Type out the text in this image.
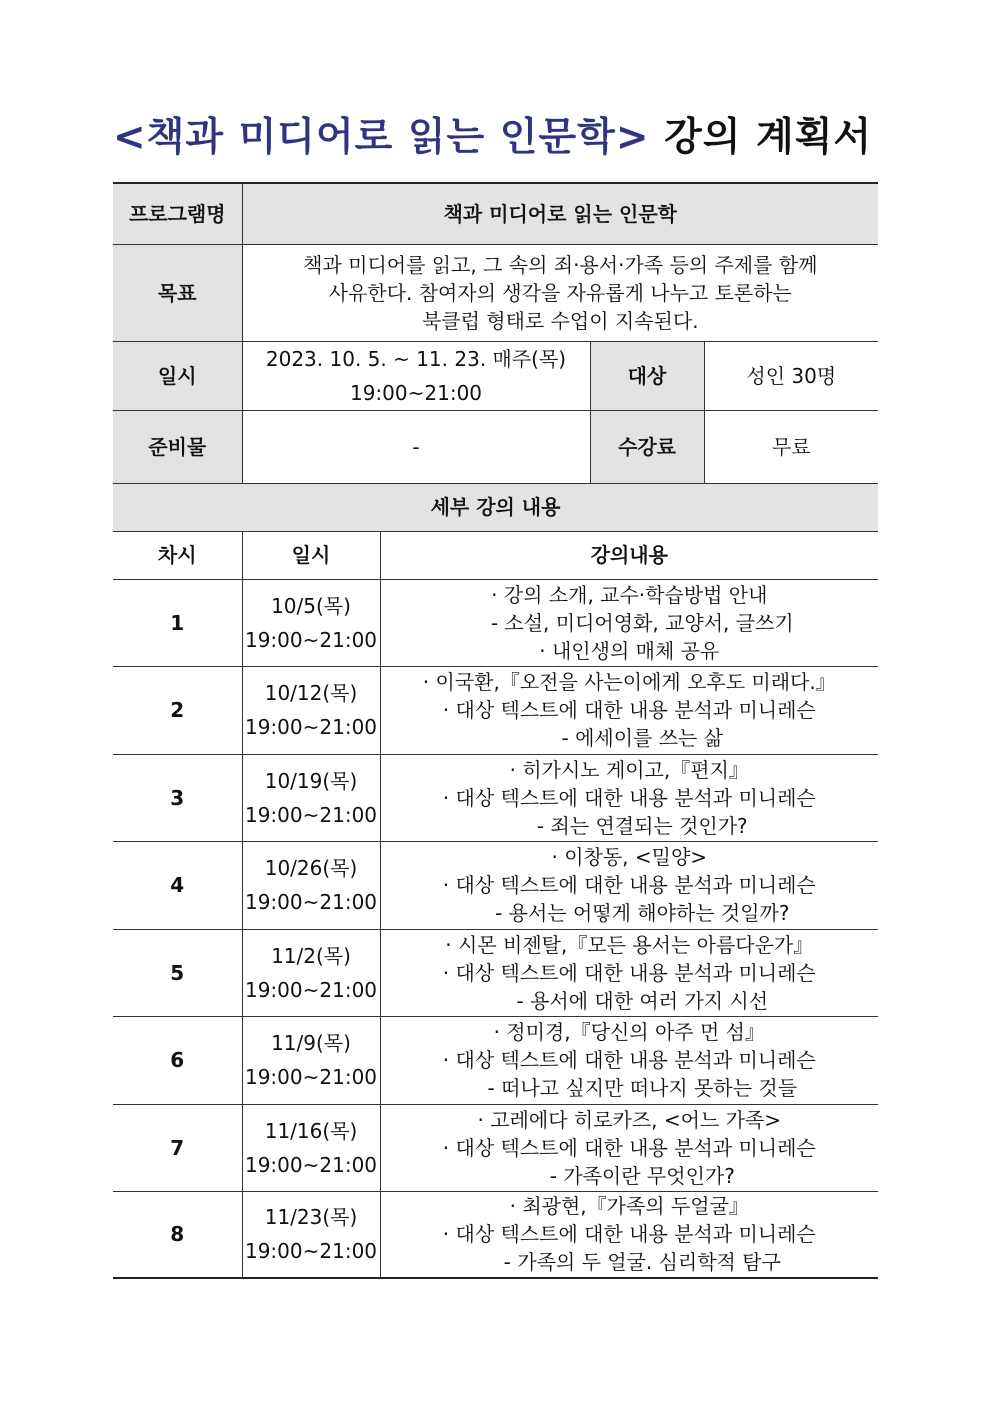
<책과 미디어로 읽는 인문학> 강의 계획서
프로그램명	책과 미디어로 읽는 인문학			
목표	책과 미디어를 읽고, 그 속의 죄·용서·가족 등의 주제를 함께
사유한다. 참여자의 생각을 자유롭게 나누고 토론하는
북클럽 형태로 수업이 지속된다.			

일시	2023. 10. 5. ~ 11. 23. 매주(목)
19:00~21:00		대상	성인 30명
준비물	-		수강료	무료
세부 강의 내용				
차시	일시	강의내용		
1	10/5(목)
19:00~21:00	· 강의 소개, 교수·학습방법 안내
- 소설, 미디어영화, 교양서, 글쓰기
· 내인생의 매체 공유		

2	10/12(목)
19:00~21:00	· 이국환,『오전을 사는이에게 오후도 미래다.』
· 대상 텍스트에 대한 내용 분석과 미니레슨
- 에세이를 쓰는 삶		

3	10/19(목)
19:00~21:00	· 히가시노 게이고,『편지』
· 대상 텍스트에 대한 내용 분석과 미니레슨
- 죄는 연결되는 것인가?		

4	10/26(목)
19:00~21:00	· 이창동, <밀양>
· 대상 텍스트에 대한 내용 분석과 미니레슨
- 용서는 어떻게 해야하는 것일까?		

5	11/2(목)
19:00~21:00	· 시몬 비젠탈,『모든 용서는 아름다운가』
· 대상 텍스트에 대한 내용 분석과 미니레슨
- 용서에 대한 여러 가지 시선		

6	11/9(목)
19:00~21:00	· 정미경,『당신의 아주 먼 섬』
· 대상 텍스트에 대한 내용 분석과 미니레슨
- 떠나고 싶지만 떠나지 못하는 것들		

7	11/16(목)
19:00~21:00	· 고레에다 히로카즈, <어느 가족>
· 대상 텍스트에 대한 내용 분석과 미니레슨
- 가족이란 무엇인가?		

8	11/23(목)
19:00~21:00	· 최광현,『가족의 두얼굴』
· 대상 텍스트에 대한 내용 분석과 미니레슨
- 가족의 두 얼굴. 심리학적 탐구		
